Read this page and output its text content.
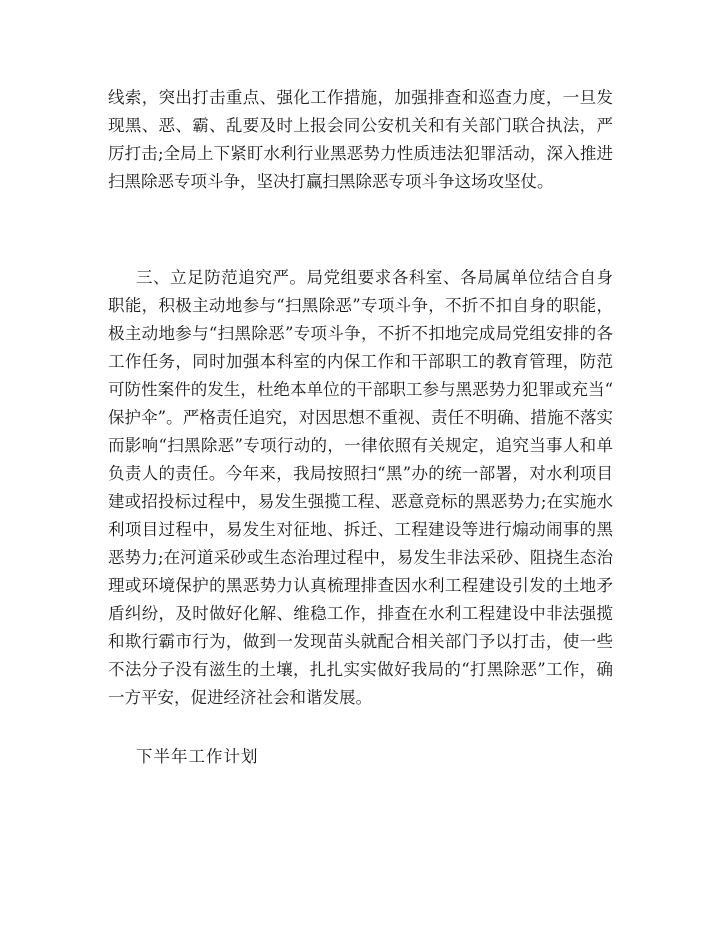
线索，突出打击重点、强化工作措施，加强排查和巡查力度，一旦发
现黑、恶、霸、乱要及时上报会同公安机关和有关部门联合执法，严
厉打击;全局上下紧盯水利行业黑恶势力性质违法犯罪活动，深入推进
扫黑除恶专项斗争，坚决打赢扫黑除恶专项斗争这场攻坚仗。
三、立足防范追究严。局党组要求各科室、各局属单位结合自身
职能，积极主动地参与“扫黑除恶”专项斗争，不折不扣自身的职能，
极主动地参与“扫黑除恶”专项斗争，不折不扣地完成局党组安排的各
工作任务，同时加强本科室的内保工作和干部职工的教育管理，防范
可防性案件的发生，杜绝本单位的干部职工参与黑恶势力犯罪或充当“
保护伞”。严格责任追究，对因思想不重视、责任不明确、措施不落实
而影响“扫黑除恶”专项行动的，一律依照有关规定，追究当事人和单
负责人的责任。今年来，我局按照扫“黑”办的统一部署，对水利项目
建或招投标过程中，易发生强揽工程、恶意竞标的黑恶势力;在实施水
利项目过程中，易发生对征地、拆迁、工程建设等进行煽动闹事的黑
恶势力;在河道采砂或生态治理过程中，易发生非法采砂、阻挠生态治
理或环境保护的黑恶势力认真梳理排查因水利工程建设引发的土地矛
盾纠纷，及时做好化解、维稳工作，排查在水利工程建设中非法强揽
和欺行霸市行为，做到一发现苗头就配合相关部门予以打击，使一些
不法分子没有滋生的土壤，扎扎实实做好我局的“打黑除恶”工作，确
一方平安，促进经济社会和谐发展。

下半年工作计划
